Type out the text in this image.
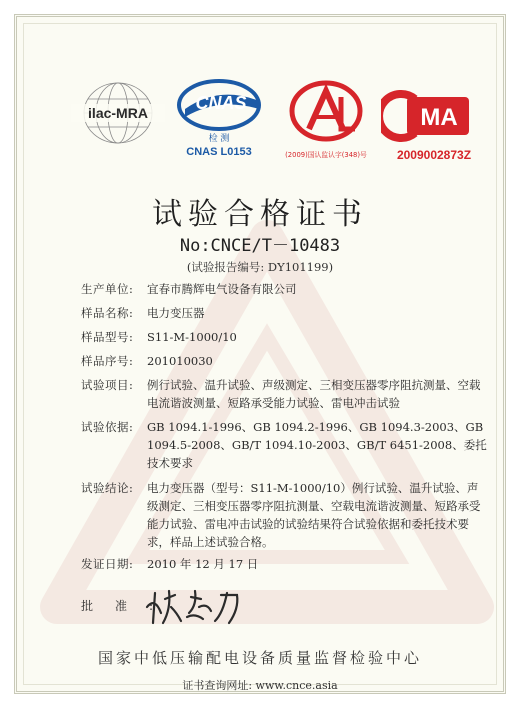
ilac-MRA	CNAS
检 测
CNAS L0153	(2009)国认监认字(348)号
MA
2009002873Z
试验合格证书
No:CNCE/T－10483
(试验报告编号: DY101199)
生产单位:	宜春市腾辉电气设备有限公司
样品名称:	电力变压器
样品型号:	S11-M-1000/10
样品序号:	201010030
试验项目:	例行试验、温升试验、声级测定、三相变压器零序阻抗测量、空载电流谐波测量、短路承受能力试验、雷电冲击试验
试验依据:	GB 1094.1-1996、GB 1094.2-1996、GB 1094.3-2003、GB 1094.5-2008、GB/T 1094.10-2003、GB/T 6451-2008、委托技术要求
试验结论:	电力变压器（型号：S11-M-1000/10）例行试验、温升试验、声级测定、三相变压器零序阻抗测量、空载电流谐波测量、短路承受能力试验、雷电冲击试验的试验结果符合试验依据和委托技术要求，样品上述试验合格。
发证日期:	2010 年 12 月 17 日
批准:
国家中低压输配电设备质量监督检验中心
证书查询网址: www.cnce.asia
